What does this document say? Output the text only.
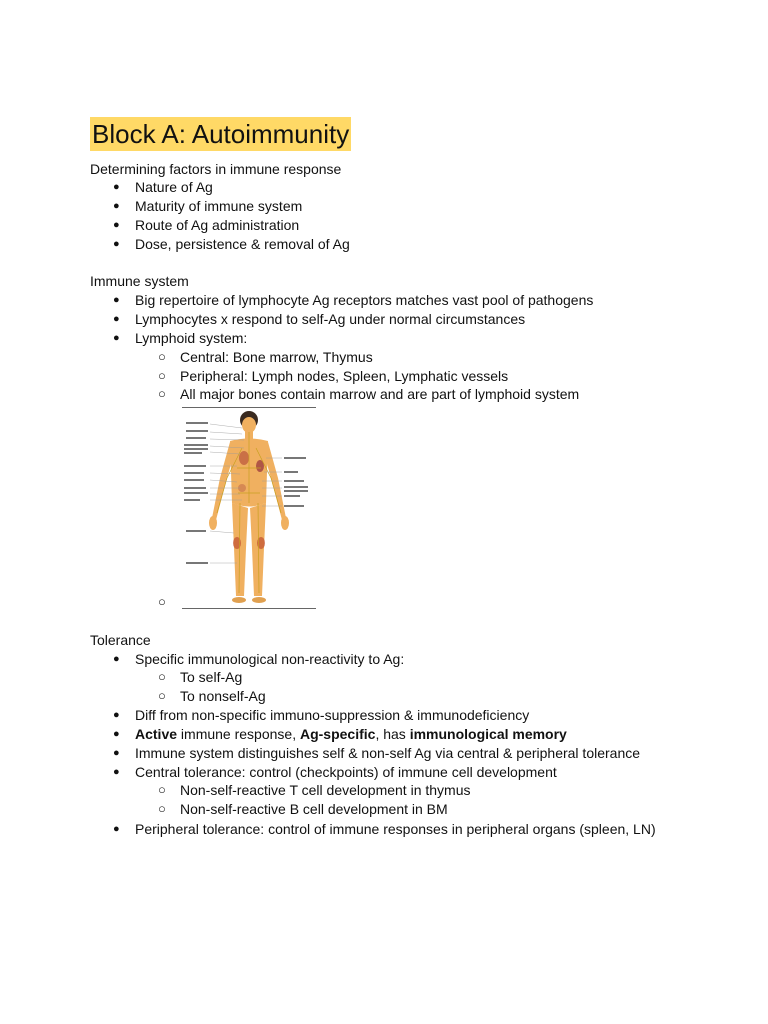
Block A: Autoimmunity
Determining factors in immune response
● Nature of Ag
● Maturity of immune system
● Route of Ag administration
● Dose, persistence & removal of Ag
Immune system
● Big repertoire of lymphocyte Ag receptors matches vast pool of pathogens
● Lymphocytes x respond to self-Ag under normal circumstances
● Lymphoid system:
○ Central: Bone marrow, Thymus
○ Peripheral: Lymph nodes, Spleen, Lymphatic vessels
○ All major bones contain marrow and are part of lymphoid system
○
Tolerance
● Specific immunological non-reactivity to Ag:
○ To self-Ag
○ To nonself-Ag
● Diff from non-specific immuno-suppression & immunodeficiency
● Active immune response, Ag-specific, has immunological memory
● Immune system distinguishes self & non-self Ag via central & peripheral tolerance
● Central tolerance: control (checkpoints) of immune cell development
○ Non-self-reactive T cell development in thymus
○ Non-self-reactive B cell development in BM
● Peripheral tolerance: control of immune responses in peripheral organs (spleen, LN)
